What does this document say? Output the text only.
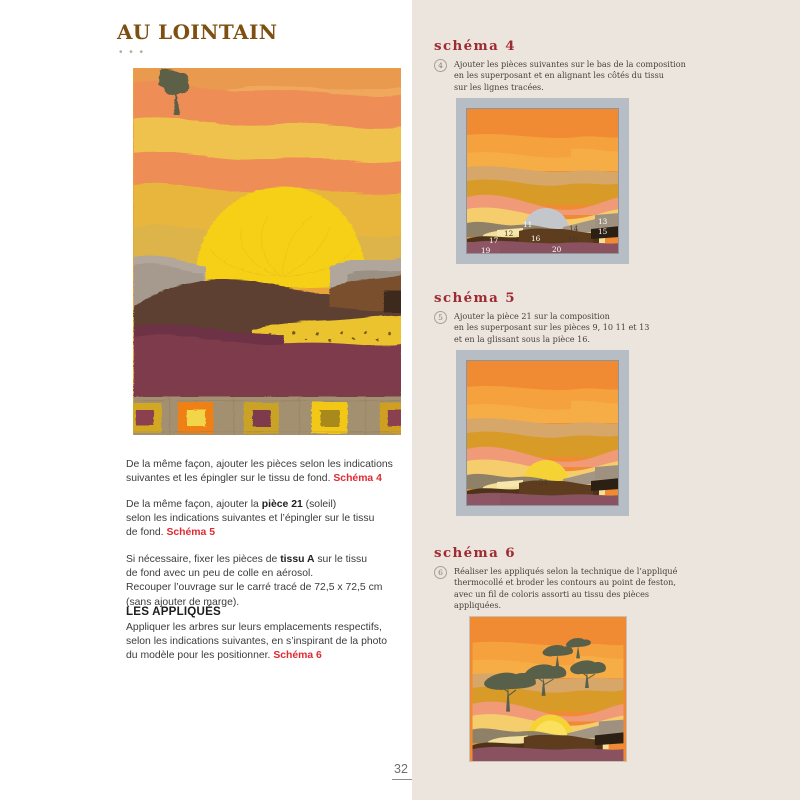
AU LOINTAIN
• • •
De la même façon, ajouter les pièces selon les indications
suivantes et les épingler sur le tissu de fond. Schéma 4
De la même façon, ajouter la pièce 21 (soleil)
selon les indications suivantes et l’épingler sur le tissu
de fond. Schéma 5
Si nécessaire, fixer les pièces de tissu A sur le tissu
de fond avec un peu de colle en aérosol.
Recouper l’ouvrage sur le carré tracé de 72,5 x 72,5 cm
(sans ajouter de marge).
LES APPLIQUÉS
Appliquer les arbres sur leurs emplacements respectifs,
selon les indications suivantes, en s’inspirant de la photo
du modèle pour les positionner. Schéma 6
32
schéma 4
4	Ajouter les pièces suivantes sur le bas de la composition
en les superposant et en alignant les côtés du tissu
sur les lignes tracées.
11
12
13
14	15
16
17	18
19	20
schéma 5
5	Ajouter la pièce 21 sur la composition
en les superposant sur les pièces 9, 10 11 et 13
et en la glissant sous la pièce 16.
21
schéma 6
6	Réaliser les appliqués selon la technique de l’appliqué
thermocollé et broder les contours au point de feston,
avec un fil de coloris assorti au tissu des pièces
appliquées.
